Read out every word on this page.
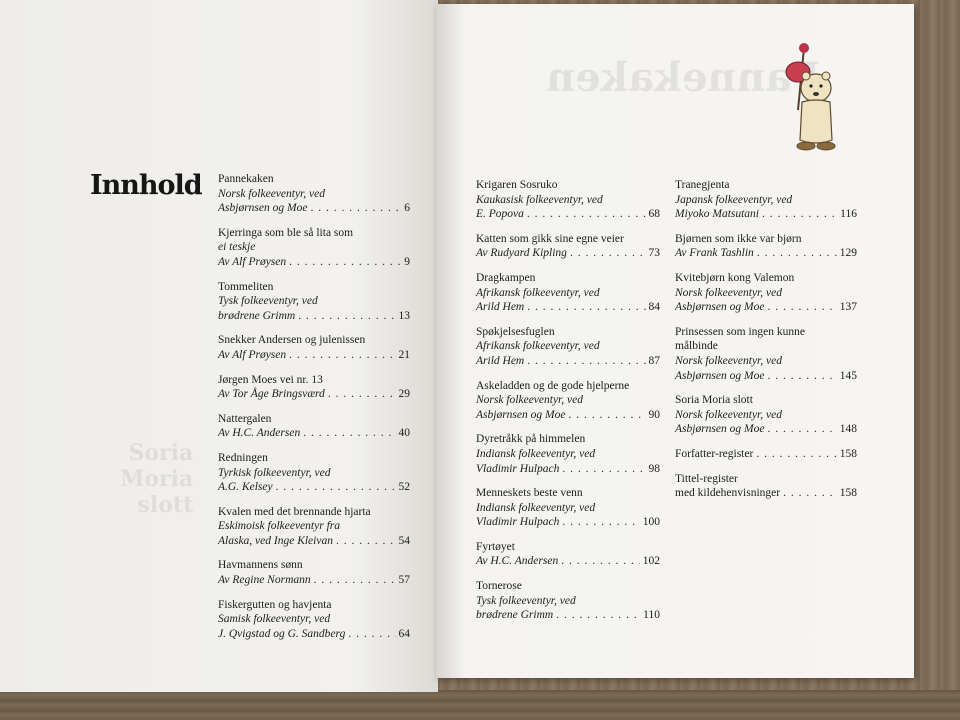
Soria
Moria
slott
Pannekaken
Innhold Pannekaken
Norsk folkeeventyr, ved
Asbjørnsen og Moe . . .	6
Kjerringa som ble så lita som
ei teskje
Av Alf Prøysen . . .	9
Tommeliten
Tysk folkeeventyr, ved
brødrene Grimm . . .	13
Snekker Andersen og julenissen
Av Alf Prøysen . . .	21
Jørgen Moes vei nr. 13
Av Tor Åge Bringsværd . . .	29
Nattergalen
Av H.C. Andersen . . .	40
Redningen
Tyrkisk folkeeventyr, ved
A.G. Kelsey . . .	52
Kvalen med det brennande hjarta
Eskimoisk folkeeventyr fra
Alaska, ved Inge Kleivan . . .	54
Havmannens sønn
Av Regine Normann . . .	57
Fiskergutten og havjenta
Samisk folkeeventyr, ved
J. Qvigstad og G. Sandberg . . .	64
Krigaren Sosruko
Kaukasisk folkeeventyr, ved
E. Popova . . .	68
Katten som gikk sine egne veier
Av Rudyard Kipling . . .	73
Dragkampen
Afrikansk folkeeventyr, ved
Arild Hem . . .	84
Spøkjelsesfuglen
Afrikansk folkeeventyr, ved
Arild Hem . . .	87
Askeladden og de gode hjelperne
Norsk folkeeventyr, ved
Asbjørnsen og Moe . . .	90
Dyretråkk på himmelen
Indiansk folkeeventyr, ved
Vladimir Hulpach . . .	98
Menneskets beste venn
Indiansk folkeeventyr, ved
Vladimir Hulpach . . .	100
Fyrtøyet
Av H.C. Andersen . . .	102
Tornerose
Tysk folkeeventyr, ved
brødrene Grimm . . .	110
Tranegjenta
Japansk folkeeventyr, ved
Miyoko Matsutani . . .	116
Bjørnen som ikke var bjørn
Av Frank Tashlin . . .	129
Kvitebjørn kong Valemon
Norsk folkeeventyr, ved
Asbjørnsen og Moe . . .	137
Prinsessen som ingen kunne
målbinde
Norsk folkeeventyr, ved
Asbjørnsen og Moe . . .	145
Soria Moria slott
Norsk folkeeventyr, ved
Asbjørnsen og Moe . . .	148
Forfatter-register . . .	158
Tittel-register
med kildehenvisninger . . .	158
